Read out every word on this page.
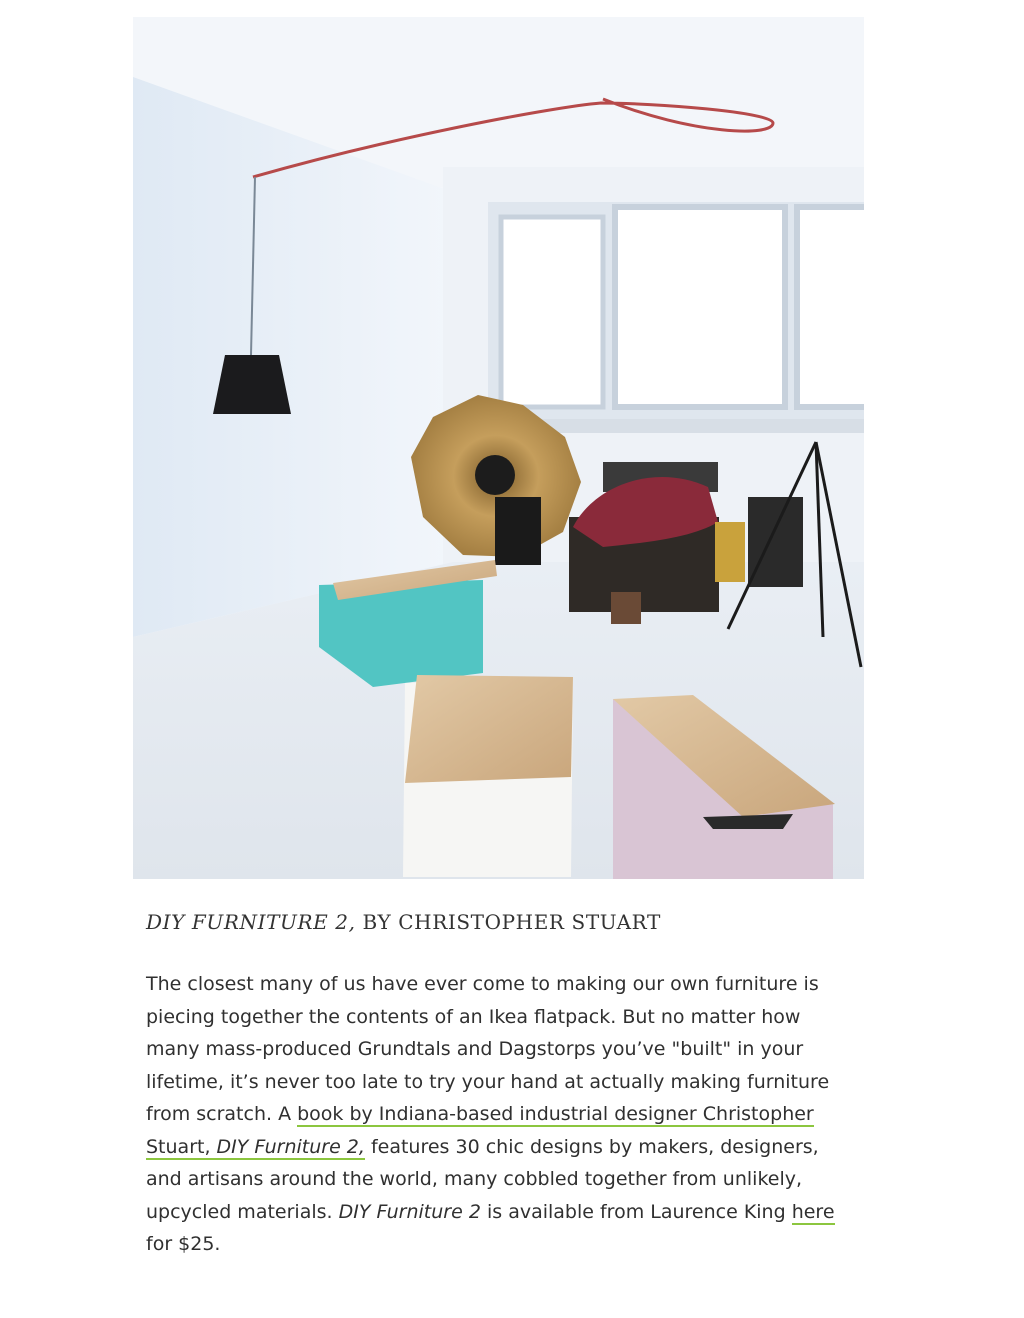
DIY FURNITURE 2, BY CHRISTOPHER STUART

The closest many of us have ever come to making our own furniture is piecing together the contents of an Ikea flatpack. But no matter how many mass-produced Grundtals and Dagstorps you’ve "built" in your lifetime, it’s never too late to try your hand at actually making furniture from scratch. A book by Indiana-based industrial designer Christopher Stuart, DIY Furniture 2, features 30 chic designs by makers, designers, and artisans around the world, many cobbled together from unlikely, upcycled materials. DIY Furniture 2 is available from Laurence King here for $25.
